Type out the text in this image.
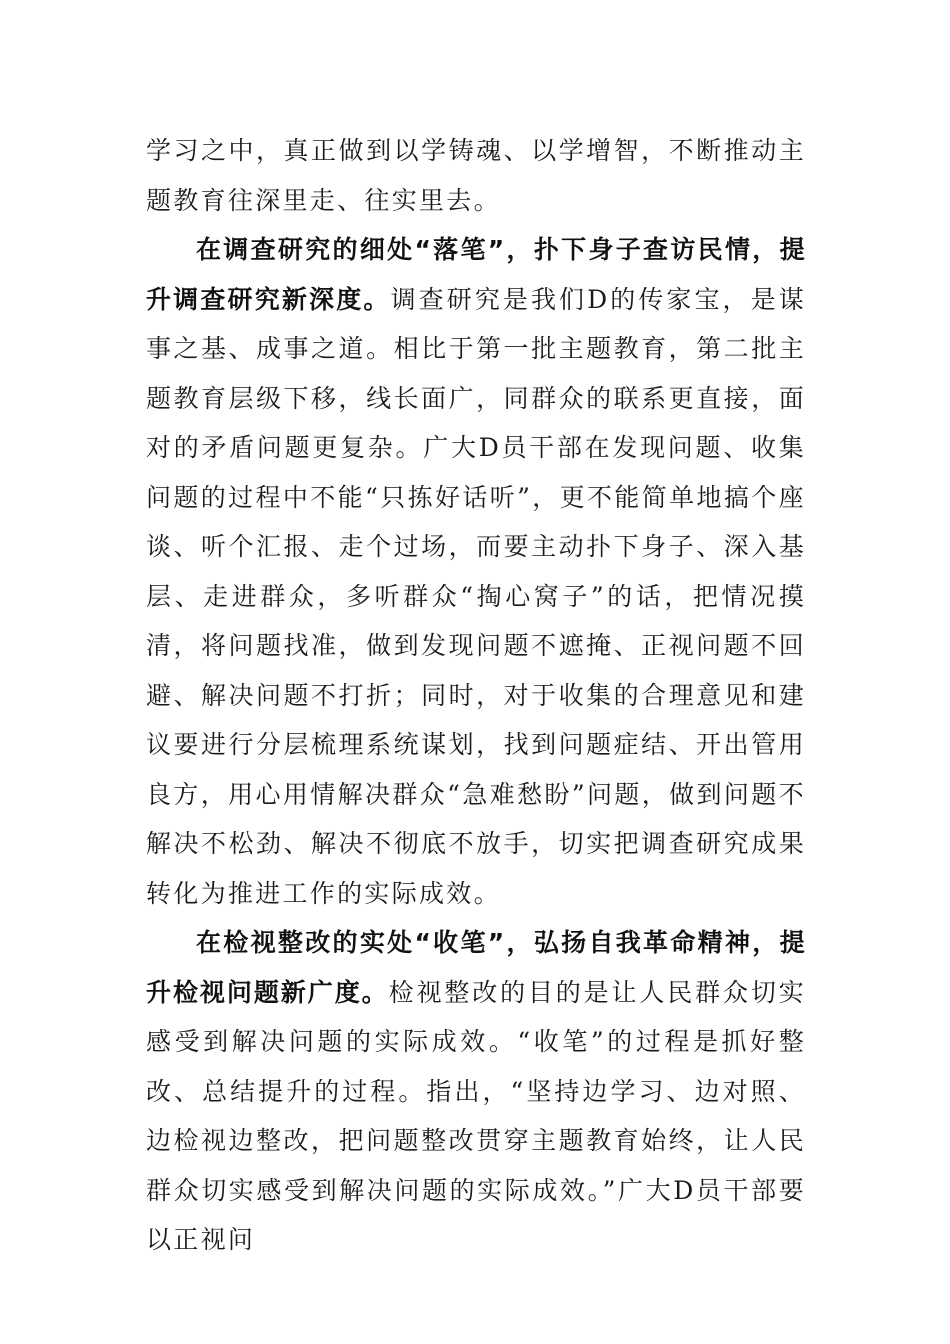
学习之中，真正做到以学铸魂、以学增智，不断推动主题教育往深里走、往实里去。

在调查研究的细处“落笔”，扑下身子查访民情，提升调查研究新深度。调查研究是我们D的传家宝，是谋事之基、成事之道。相比于第一批主题教育，第二批主题教育层级下移，线长面广，同群众的联系更直接，面对的矛盾问题更复杂。广大D员干部在发现问题、收集问题的过程中不能“只拣好话听”，更不能简单地搞个座谈、听个汇报、走个过场，而要主动扑下身子、深入基层、走进群众，多听群众“掏心窝子”的话，把情况摸清，将问题找准，做到发现问题不遮掩、正视问题不回避、解决问题不打折；同时，对于收集的合理意见和建议要进行分层梳理系统谋划，找到问题症结、开出管用良方，用心用情解决群众“急难愁盼”问题，做到问题不解决不松劲、解决不彻底不放手，切实把调查研究成果转化为推进工作的实际成效。

在检视整改的实处“收笔”，弘扬自我革命精神，提升检视问题新广度。检视整改的目的是让人民群众切实感受到解决问题的实际成效。“收笔”的过程是抓好整改、总结提升的过程。指出，“坚持边学习、边对照、边检视边整改，把问题整改贯穿主题教育始终，让人民群众切实感受到解决问题的实际成效。”广大D员干部要以正视问
